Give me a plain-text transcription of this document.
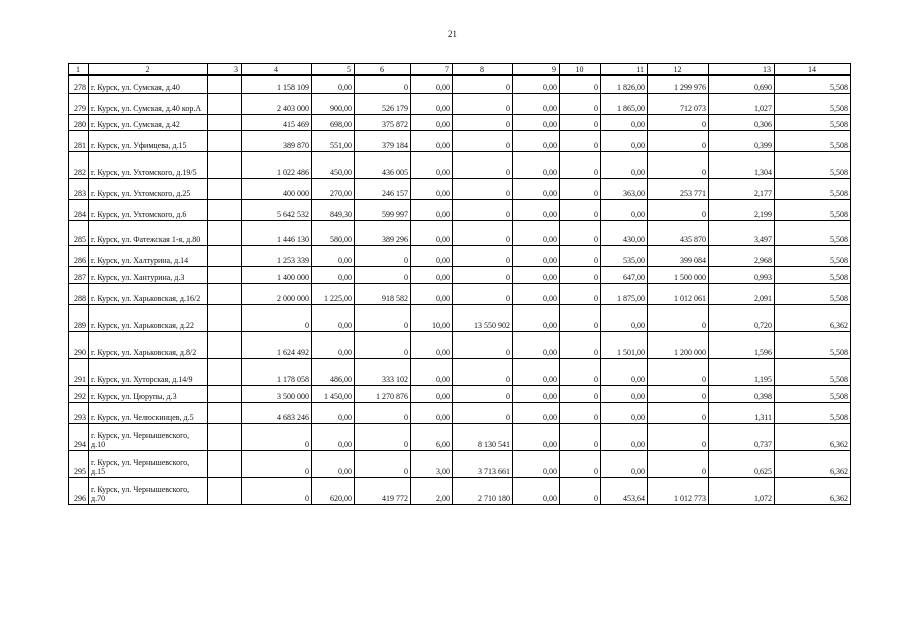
21
1	2	3	4	5	6	7	8	9	10	11	12	13	14
278	г. Курск, ул. Сумская, д.40		1 158 109	0,00	0	0,00	0	0,00	0	1 826,00	1 299 976	0,690	5,508
279	г. Курск, ул. Сумская, д.40 кор.А		2 403 000	900,00	526 179	0,00	0	0,00	0	1 865,00	712 073	1,027	5,508
280	г. Курск, ул. Сумская, д.42		415 469	698,00	375 872	0,00	0	0,00	0	0,00	0	0,306	5,508
281	г. Курск, ул. Уфимцева, д.15		389 870	551,00	379 184	0,00	0	0,00	0	0,00	0	0,399	5,508
282	г. Курск, ул. Ухтомского, д.19/5		1 022 486	450,00	436 005	0,00	0	0,00	0	0,00	0	1,304	5,508
283	г. Курск, ул. Ухтомского, д.25		400 000	270,00	246 157	0,00	0	0,00	0	363,00	253 771	2,177	5,508
284	г. Курск, ул. Ухтомского, д.6		5 642 532	849,30	599 997	0,00	0	0,00	0	0,00	0	2,199	5,508
285	г. Курск, ул. Фатежская 1-я, д.80		1 446 130	580,00	389 296	0,00	0	0,00	0	430,00	435 870	3,497	5,508
286	г. Курск, ул. Халтурина, д.14		1 253 339	0,00	0	0,00	0	0,00	0	535,00	399 084	2,968	5,508
287	г. Курск, ул. Хантурина, д.3		1 400 000	0,00	0	0,00	0	0,00	0	647,00	1 500 000	0,993	5,508
288	г. Курск, ул. Харьковская, д.16/2		2 000 000	1 225,00	918 582	0,00	0	0,00	0	1 875,00	1 012 061	2,091	5,508
289	г. Курск, ул. Харьковская, д.22		0	0,00	0	10,00	13 550 902	0,00	0	0,00	0	0,720	6,362
290	г. Курск, ул. Харьковская, д.8/2		1 624 492	0,00	0	0,00	0	0,00	0	1 501,00	1 200 000	1,596	5,508
291	г. Курск, ул. Хуторская, д.14/9		1 178 058	486,00	333 102	0,00	0	0,00	0	0,00	0	1,195	5,508
292	г. Курск, ул. Цюрупы, д.3		3 500 000	1 450,00	1 270 876	0,00	0	0,00	0	0,00	0	0,398	5,508
293	г. Курск, ул. Челюскинцев, д.5		4 683 246	0,00	0	0,00	0	0,00	0	0,00	0	1,311	5,508
294	г. Курск, ул. Чернышевского, д.10		0	0,00	0	6,00	8 130 541	0,00	0	0,00	0	0,737	6,362
295	г. Курск, ул. Чернышевского, д.15		0	0,00	0	3,00	3 713 661	0,00	0	0,00	0	0,625	6,362
296	г. Курск, ул. Чернышевского, д.70		0	620,00	419 772	2,00	2 710 180	0,00	0	453,64	1 012 773	1,072	6,362
